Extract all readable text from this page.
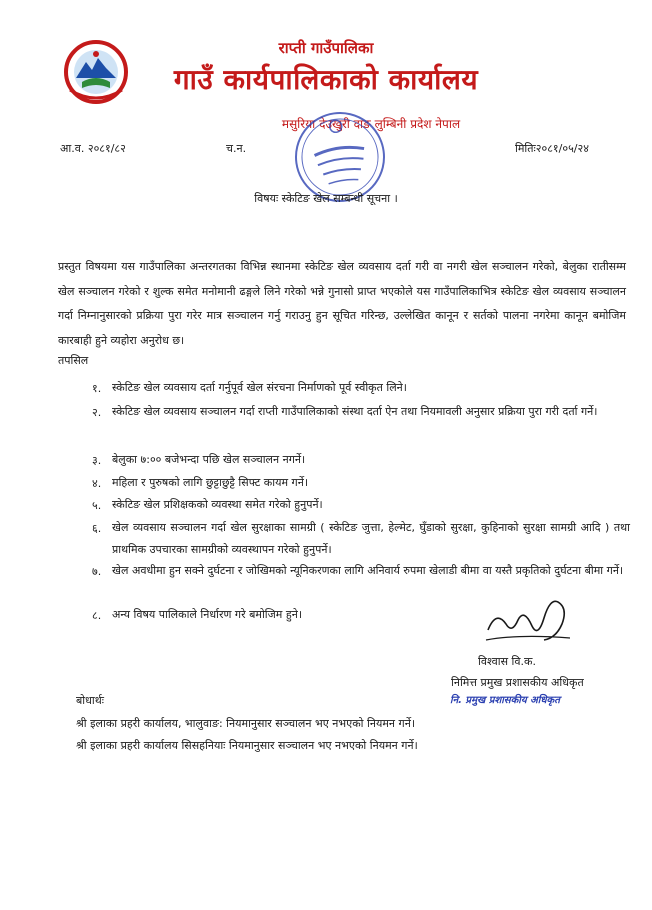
राप्ती गाउँपालिका
गाउँ कार्यपालिकाको कार्यालय
मसुरिया देउखुरी दाङ लुम्बिनी प्रदेश नेपाल
आ.व. २०८१/८२	च.न.	मितिः२०८१/०५/२४
विषयः स्केटिङ खेल सम्बन्धी सूचना ।
प्रस्तुत विषयमा यस गाउँपालिका अन्तरगतका विभिन्न स्थानमा स्केटिङ खेल व्यवसाय दर्ता गरी वा नगरी खेल सञ्चालन गरेको, बेलुका रातीसम्म खेल सञ्चालन गरेको र शुल्क समेत मनोमानी ढङ्गले लिने गरेको भन्ने गुनासो प्राप्त भएकोले यस गाउँपालिकाभित्र स्केटिङ खेल व्यवसाय सञ्चालन गर्दा निम्नानुसारको प्रक्रिया पुरा गरेर मात्र सञ्चालन गर्नु गराउनु हुन सूचित गरिन्छ, उल्लेखित कानून र सर्तको पालना नगरेमा कानून बमोजिम कारबाही हुने व्यहोरा अनुरोध छ।
तपसिल
१. स्केटिङ खेल व्यवसाय दर्ता गर्नुपूर्व खेल संरचना निर्माणको पूर्व स्वीकृत लिने।
२. स्केटिङ खेल व्यवसाय सञ्चालन गर्दा राप्ती गाउँपालिकाको संस्था दर्ता ऐन तथा नियमावली अनुसार प्रक्रिया पुरा गरी दर्ता गर्ने।
३. बेलुका ७:०० बजेभन्दा पछि खेल सञ्चालन नगर्ने।
४. महिला र पुरुषको लागि छुट्टाछुट्टै सिफ्ट कायम गर्ने।
५. स्केटिङ खेल प्रशिक्षकको व्यवस्था समेत गरेको हुनुपर्ने।
६. खेल व्यवसाय सञ्चालन गर्दा खेल सुरक्षाका सामग्री ( स्केटिङ जुत्ता, हेल्मेट, घुँडाको सुरक्षा, कुहिनाको सुरक्षा सामग्री आदि ) तथा प्राथमिक उपचारका सामग्रीको व्यवस्थापन गरेको हुनुपर्ने।
७. खेल अवधीमा हुन सक्ने दुर्घटना र जोखिमको न्यूनिकरणका लागि अनिवार्य रुपमा खेलाडी बीमा वा यस्तै प्रकृतिको दुर्घटना बीमा गर्ने।
८. अन्य विषय पालिकाले निर्धारण गरे बमोजिम हुने।
विश्वास वि.क.
निमित्त प्रमुख प्रशासकीय अधिकृत
नि. प्रमुख प्रशासकीय अधिकृत
बोधार्थः
श्री इलाका प्रहरी कार्यालय, भालुवाङ: नियमानुसार सञ्चालन भए नभएको नियमन गर्ने।
श्री इलाका प्रहरी कार्यालय सिसहनियाः नियमानुसार सञ्चालन भए नभएको नियमन गर्ने।
